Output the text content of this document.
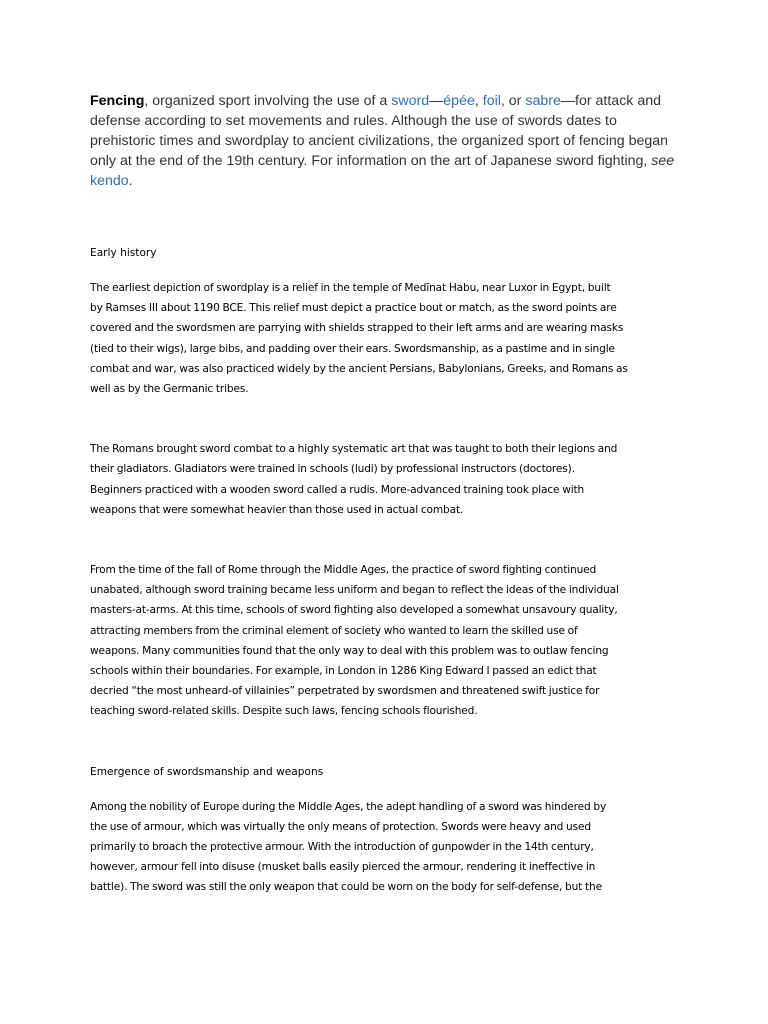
Fencing, organized sport involving the use of a sword—épée, foil, or sabre—for attack and defense according to set movements and rules. Although the use of swords dates to prehistoric times and swordplay to ancient civilizations, the organized sport of fencing began only at the end of the 19th century. For information on the art of Japanese sword fighting, see kendo.

Early history
The earliest depiction of swordplay is a relief in the temple of Medīnat Habu, near Luxor in Egypt, built
by Ramses III about 1190 BCE. This relief must depict a practice bout or match, as the sword points are
covered and the swordsmen are parrying with shields strapped to their left arms and are wearing masks
(tied to their wigs), large bibs, and padding over their ears. Swordsmanship, as a pastime and in single
combat and war, was also practiced widely by the ancient Persians, Babylonians, Greeks, and Romans as
well as by the Germanic tribes.
The Romans brought sword combat to a highly systematic art that was taught to both their legions and
their gladiators. Gladiators were trained in schools (ludi) by professional instructors (doctores).
Beginners practiced with a wooden sword called a rudis. More-advanced training took place with
weapons that were somewhat heavier than those used in actual combat.
From the time of the fall of Rome through the Middle Ages, the practice of sword fighting continued
unabated, although sword training became less uniform and began to reflect the ideas of the individual
masters-at-arms. At this time, schools of sword fighting also developed a somewhat unsavoury quality,
attracting members from the criminal element of society who wanted to learn the skilled use of
weapons. Many communities found that the only way to deal with this problem was to outlaw fencing
schools within their boundaries. For example, in London in 1286 King Edward I passed an edict that
decried “the most unheard-of villainies” perpetrated by swordsmen and threatened swift justice for
teaching sword-related skills. Despite such laws, fencing schools flourished.
Emergence of swordsmanship and weapons
Among the nobility of Europe during the Middle Ages, the adept handling of a sword was hindered by
the use of armour, which was virtually the only means of protection. Swords were heavy and used
primarily to broach the protective armour. With the introduction of gunpowder in the 14th century,
however, armour fell into disuse (musket balls easily pierced the armour, rendering it ineffective in
battle). The sword was still the only weapon that could be worn on the body for self-defense, but the
